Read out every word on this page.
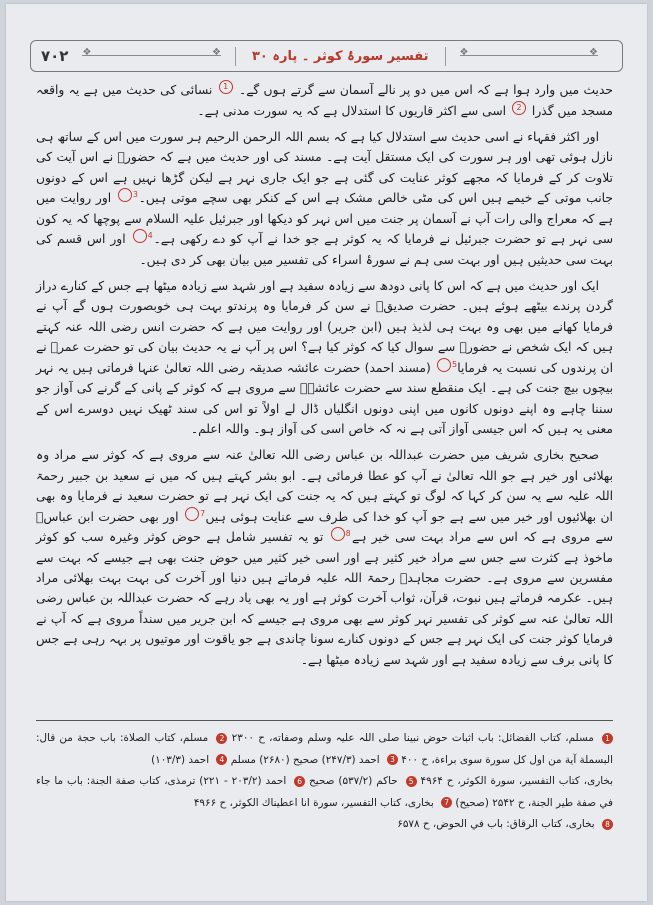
٧٠٢
❖ ❖	تفسیر سورۂ کوثر ۔ پارہ ۳۰
❖ ❖

حدیث میں وارد ہوا ہے کہ اس میں دو پر نالے آسمان سے گرتے ہوں گے۔ 1 نسائی کی حدیث میں ہے یہ واقعہ مسجد میں گذرا 2 اسی سے اکثر قاریوں کا استدلال ہے کہ یہ سورت مدنی ہے۔

اور اکثر فقہاء نے اسی حدیث سے استدلال کیا ہے کہ بسم اللہ الرحمن الرحیم ہر سورت میں اس کے ساتھ ہی نازل ہوئی تھی اور ہر سورت کی ایک مستقل آیت ہے۔ مسند کی اور حدیث میں ہے کہ حضورؐ نے اس آیت کی تلاوت کر کے فرمایا کہ مجھے کوثر عنایت کی گئی ہے جو ایک جاری نہر ہے لیکن گڑھا نہیں ہے اس کے دونوں جانب موتی کے خیمے ہیں اس کی مٹی خالص مشک ہے اس کے کنکر بھی سچے موتی ہیں۔ 3 اور روایت میں ہے کہ معراج والی رات آپ نے آسمان پر جنت میں اس نہر کو دیکھا اور جبرئیل علیہ السلام سے پوچھا کہ یہ کون سی نہر ہے تو حضرت جبرئیل نے فرمایا کہ یہ کوثر ہے جو خدا نے آپ کو دے رکھی ہے۔ 4 اور اس قسم کی بہت سی حدیثیں ہیں اور بہت سی ہم نے سورۂ اسراء کی تفسیر میں بیان بھی کر دی ہیں۔

ایک اور حدیث میں ہے کہ اس کا پانی دودھ سے زیادہ سفید ہے اور شہد سے زیادہ میٹھا ہے جس کے کنارے دراز گردن پرندے بیٹھے ہوئے ہیں۔ حضرت صدیقؓ نے سن کر فرمایا وہ پرندتو بہت ہی خوبصورت ہوں گے آپ نے فرمایا کھانے میں بھی وہ بہت ہی لذیذ ہیں (ابن جریر) اور روایت میں ہے کہ حضرت انس رضی اللہ عنہ کہتے ہیں کہ ایک شخص نے حضورؐ سے سوال کیا کہ کوثر کیا ہے؟ اس پر آپ نے یہ حدیث بیان کی تو حضرت عمرؓ نے ان پرندوں کی نسبت یہ فرمایا 5 (مسند احمد) حضرت عائشہ صدیقہ رضی اللہ تعالیٰ عنہا فرماتی ہیں یہ نہر بیچوں بیچ جنت کی ہے۔ ایک منقطع سند سے حضرت عائشہؓ سے مروی ہے کہ کوثر کے پانی کے گرنے کی آواز جو سننا چاہے وہ اپنے دونوں کانوں میں اپنی دونوں انگلیاں ڈال لے اولاً تو اس کی سند ٹھیک نہیں دوسرے اس کے معنی یہ ہیں کہ اس جیسی آواز آتی ہے نہ کہ خاص اسی کی آواز ہو۔ واللہ اعلم۔

صحیح بخاری شریف میں حضرت عبداللہ بن عباس رضی اللہ تعالیٰ عنہ سے مروی ہے کہ کوثر سے مراد وہ بھلائی اور خیر ہے جو اللہ تعالیٰ نے آپ کو عطا فرمائی ہے۔ ابو بشر کہتے ہیں کہ میں نے سعید بن جبیر رحمۃ اللہ علیہ سے یہ سن کر کہا کہ لوگ تو کہتے ہیں کہ یہ جنت کی ایک نہر ہے تو حضرت سعید نے فرمایا وہ بھی ان بھلائیوں اور خیر میں سے ہے جو آپ کو خدا کی طرف سے عنایت ہوئی ہیں 7 اور بھی حضرت ابن عباسؓ سے مروی ہے کہ اس سے مراد بہت سی خیر ہے 8 تو یہ تفسیر شامل ہے حوض کوثر وغیرہ سب کو کوثر ماخوذ ہے کثرت سے جس سے مراد خیر کثیر ہے اور اسی خیر کثیر میں حوض جنت بھی ہے جیسے کہ بہت سے مفسرین سے مروی ہے۔ حضرت مجاہدؒ رحمۃ اللہ علیہ فرماتے ہیں دنیا اور آخرت کی بہت بہت بھلائی مراد ہیں۔ عکرمہ فرماتے ہیں نبوت، قرآن، ثواب آخرت کوثر ہے اور یہ بھی یاد رہے کہ حضرت عبداللہ بن عباس رضی اللہ تعالیٰ عنہ سے کوثر کی تفسیر نہر کوثر سے بھی مروی ہے جیسے کہ ابن جریر میں سنداً مروی ہے کہ آپ نے فرمایا کوثر جنت کی ایک نہر ہے جس کے دونوں کنارے سونا چاندی ہے جو یاقوت اور موتیوں پر بہہ رہی ہے جس کا پانی برف سے زیادہ سفید ہے اور شہد سے زیادہ میٹھا ہے۔

1 مسلم، کتاب الفضائل: باب اثبات حوض نبینا صلی اللہ علیہ وسلم وصفاته، ح ۲۳۰۰ 2 مسلم، کتاب الصلاة: باب حجة من قال: البسملة آية من اول کل سورة سوی براءة، ح ۴۰۰ 3 احمد (۲۴۷/۳) صحيح (۲۶۸۰) مسلم 4 احمد (۱۰۳/۳)

بخاری، کتاب التفسير، سورة الکوثر، ح ۴۹۶۴ 5 حاکم (۵۳۷/۲) صحيح 6 احمد (۲۰۳/۲ - ۲۲۱) ترمذی، کتاب صفة الجنة: باب ما جاء في صفة طير الجنة، ح ۲۵۴۲ (صحيح) 7 بخاری، کتاب التفسير، سورة انا اعطيناك الكوثر، ح ۴۹۶۶

8 بخاری، کتاب الرقاق: باب في الحوض، ح ۶۵۷۸
